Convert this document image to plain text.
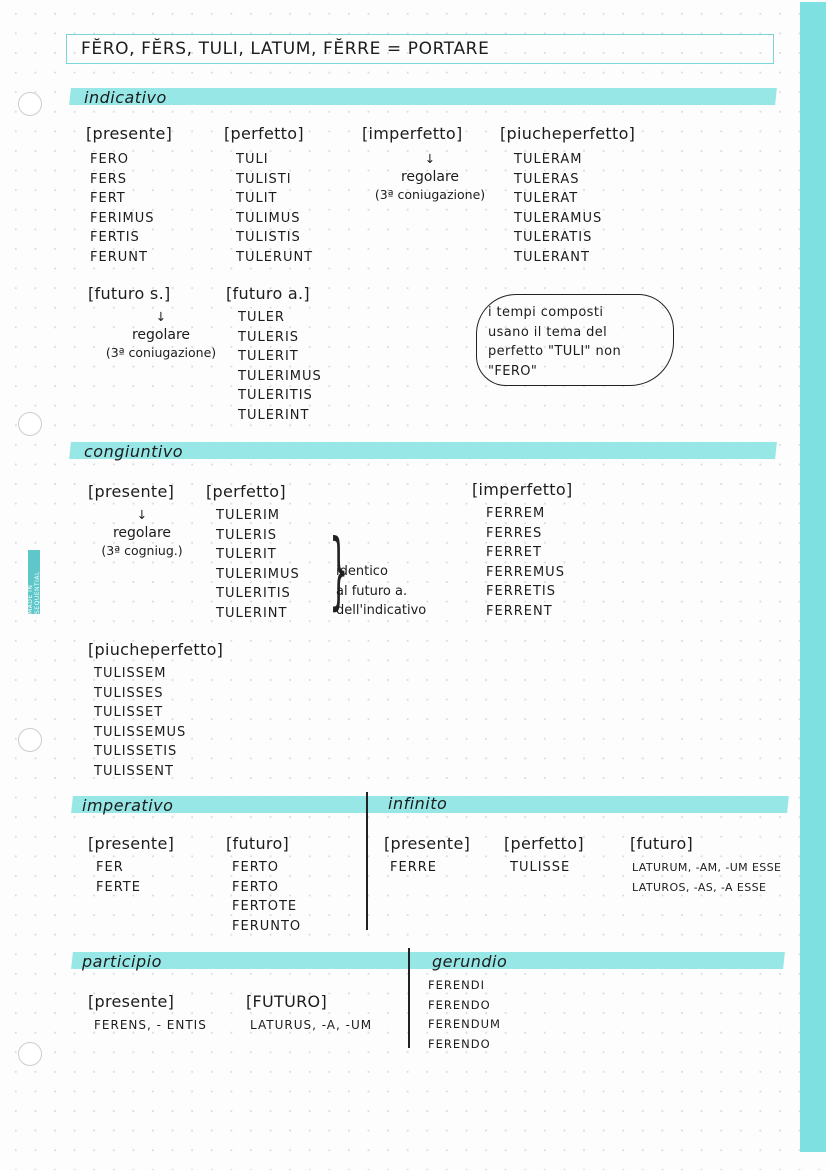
MADE IN SEQUENTIAL
FĔRO, FĔRS, TULI, LATUM, FĔRRE = PORTARE
indicativo
[presente]
FERO
FERS
FERT
FERIMUS
FERTIS
FERUNT
[perfetto]
TULI
TULISTI
TULIT
TULIMUS
TULISTIS
TULERUNT
[imperfetto]
↓
regolare
(3ª coniugazione)
[piucheperfetto]
TULERAM
TULERAS
TULERAT
TULERAMUS
TULERATIS
TULERANT
[futuro s.]
↓
regolare
(3ª coniugazione)
[futuro a.]
TULER
TULERIS
TULERIT
TULERIMUS
TULERITIS
TULERINT
i tempi composti
usano il tema del
perfetto "TULI" non
"FERO"
congiuntivo
[presente]
↓
regolare
(3ª cogniug.)
[perfetto]
TULERIM
TULERIS
TULERIT
TULERIMUS
TULERITIS
TULERINT }
identico
al futuro a.
dell'indicativo
[imperfetto]
FERREM
FERRES
FERRET
FERREMUS
FERRETIS
FERRENT
[piucheperfetto]
TULISSEM
TULISSES
TULISSET
TULISSEMUS
TULISSETIS
TULISSENT
imperativo	infinito
[presente]
FER
FERTE
[futuro]
FERTO
FERTO
FERTOTE
FERUNTO
[presente]
FERRE
[perfetto]
TULISSE
[futuro]
LATURUM, -AM, -UM ESSE
LATUROS, -AS, -A ESSE
participio	gerundio
[presente]
FERENS, - ENTIS
[FUTURO]
LATURUS, -A, -UM
FERENDI
FERENDO
FERENDUM
FERENDO
